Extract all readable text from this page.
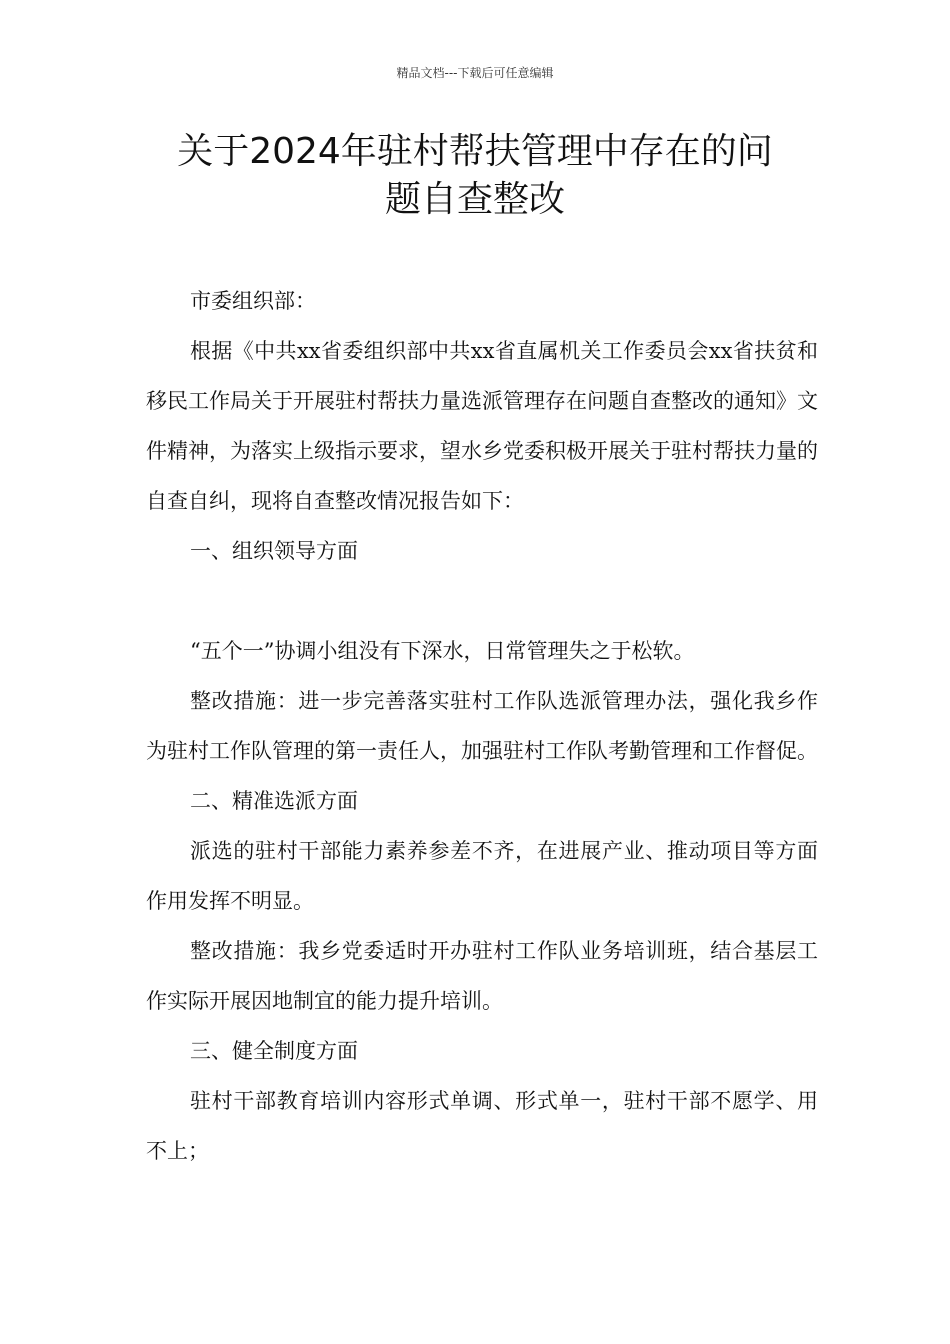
精品文档---下载后可任意编辑
关于2024年驻村帮扶管理中存在的问
题自查整改

市委组织部：

根据《中共xx省委组织部中共xx省直属机关工作委员会xx省扶贫和移民工作局关于开展驻村帮扶力量选派管理存在问题自查整改的通知》文件精神，为落实上级指示要求，望水乡党委积极开展关于驻村帮扶力量的自查自纠，现将自查整改情况报告如下：

一、组织领导方面

“五个一”协调小组没有下深水，日常管理失之于松软。

整改措施：进一步完善落实驻村工作队选派管理办法，强化我乡作为驻村工作队管理的第一责任人，加强驻村工作队考勤管理和工作督促。

二、精准选派方面

派选的驻村干部能力素养参差不齐，在进展产业、推动项目等方面作用发挥不明显。

整改措施：我乡党委适时开办驻村工作队业务培训班，结合基层工作实际开展因地制宜的能力提升培训。

三、健全制度方面

驻村干部教育培训内容形式单调、形式单一，驻村干部不愿学、用不上；
